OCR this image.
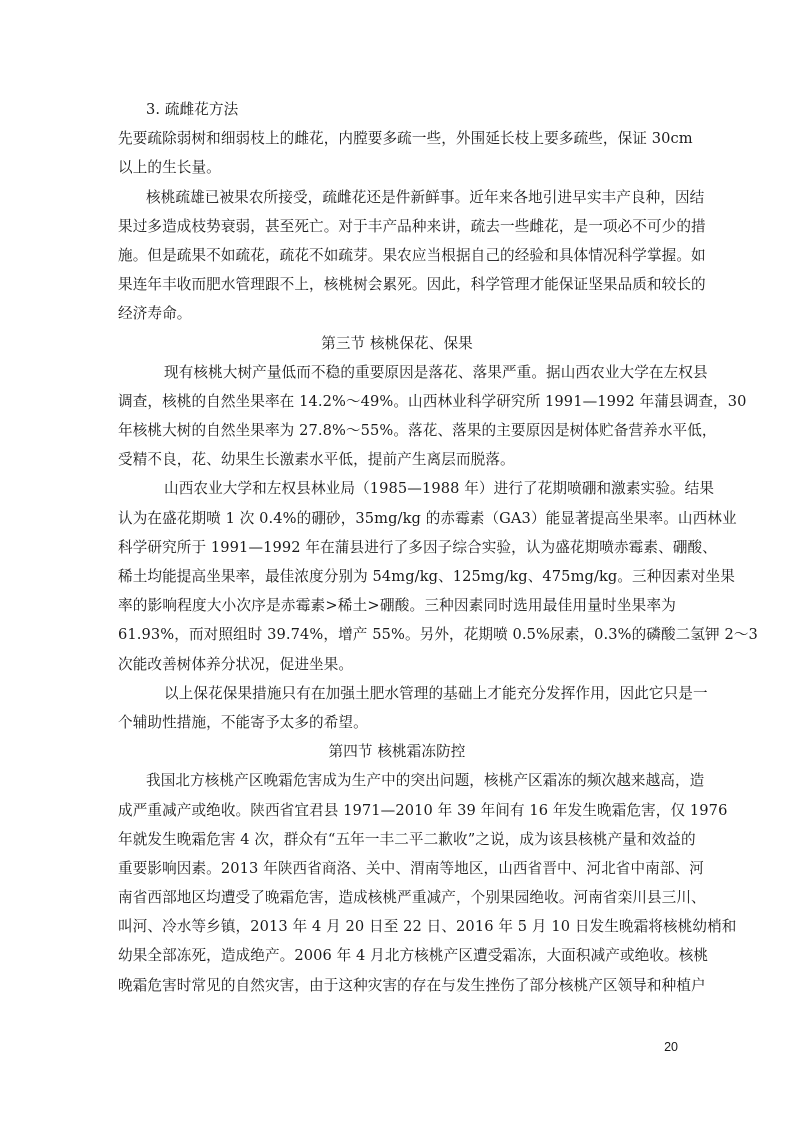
3. 疏雌花方法
先要疏除弱树和细弱枝上的雌花，内膛要多疏一些，外围延长枝上要多疏些，保证 30cm
以上的生长量。
核桃疏雄已被果农所接受，疏雌花还是件新鲜事。近年来各地引进早实丰产良种，因结
果过多造成枝势衰弱，甚至死亡。对于丰产品种来讲，疏去一些雌花，是一项必不可少的措
施。但是疏果不如疏花，疏花不如疏芽。果农应当根据自己的经验和具体情况科学掌握。如
果连年丰收而肥水管理跟不上，核桃树会累死。因此，科学管理才能保证坚果品质和较长的
经济寿命。
第三节 核桃保花、保果
现有核桃大树产量低而不稳的重要原因是落花、落果严重。据山西农业大学在左权县
调查，核桃的自然坐果率在 14.2%～49%。山西林业科学研究所 1991—1992 年蒲县调查，30
年核桃大树的自然坐果率为 27.8%～55%。落花、落果的主要原因是树体贮备营养水平低，
受精不良，花、幼果生长激素水平低，提前产生离层而脱落。
山西农业大学和左权县林业局（1985—1988 年）进行了花期喷硼和激素实验。结果
认为在盛花期喷 1 次 0.4%的硼砂，35mg/kg 的赤霉素（GA3）能显著提高坐果率。山西林业
科学研究所于 1991—1992 年在蒲县进行了多因子综合实验，认为盛花期喷赤霉素、硼酸、
稀土均能提高坐果率，最佳浓度分别为 54mg/kg、125mg/kg、475mg/kg。三种因素对坐果
率的影响程度大小次序是赤霉素>稀土>硼酸。三种因素同时选用最佳用量时坐果率为
61.93%，而对照组时 39.74%，增产 55%。另外，花期喷 0.5%尿素，0.3%的磷酸二氢钾 2～3
次能改善树体养分状况，促进坐果。
以上保花保果措施只有在加强土肥水管理的基础上才能充分发挥作用，因此它只是一
个辅助性措施，不能寄予太多的希望。
第四节 核桃霜冻防控
我国北方核桃产区晚霜危害成为生产中的突出问题，核桃产区霜冻的频次越来越高，造
成严重减产或绝收。陕西省宜君县 1971—2010 年 39 年间有 16 年发生晚霜危害，仅 1976
年就发生晚霜危害 4 次，群众有“五年一丰二平二歉收”之说，成为该县核桃产量和效益的
重要影响因素。2013 年陕西省商洛、关中、渭南等地区，山西省晋中、河北省中南部、河
南省西部地区均遭受了晚霜危害，造成核桃严重减产，个别果园绝收。河南省栾川县三川、
叫河、冷水等乡镇，2013 年 4 月 20 日至 22 日、2016 年 5 月 10 日发生晚霜将核桃幼梢和
幼果全部冻死，造成绝产。2006 年 4 月北方核桃产区遭受霜冻，大面积减产或绝收。核桃
晚霜危害时常见的自然灾害，由于这种灾害的存在与发生挫伤了部分核桃产区领导和种植户
20
